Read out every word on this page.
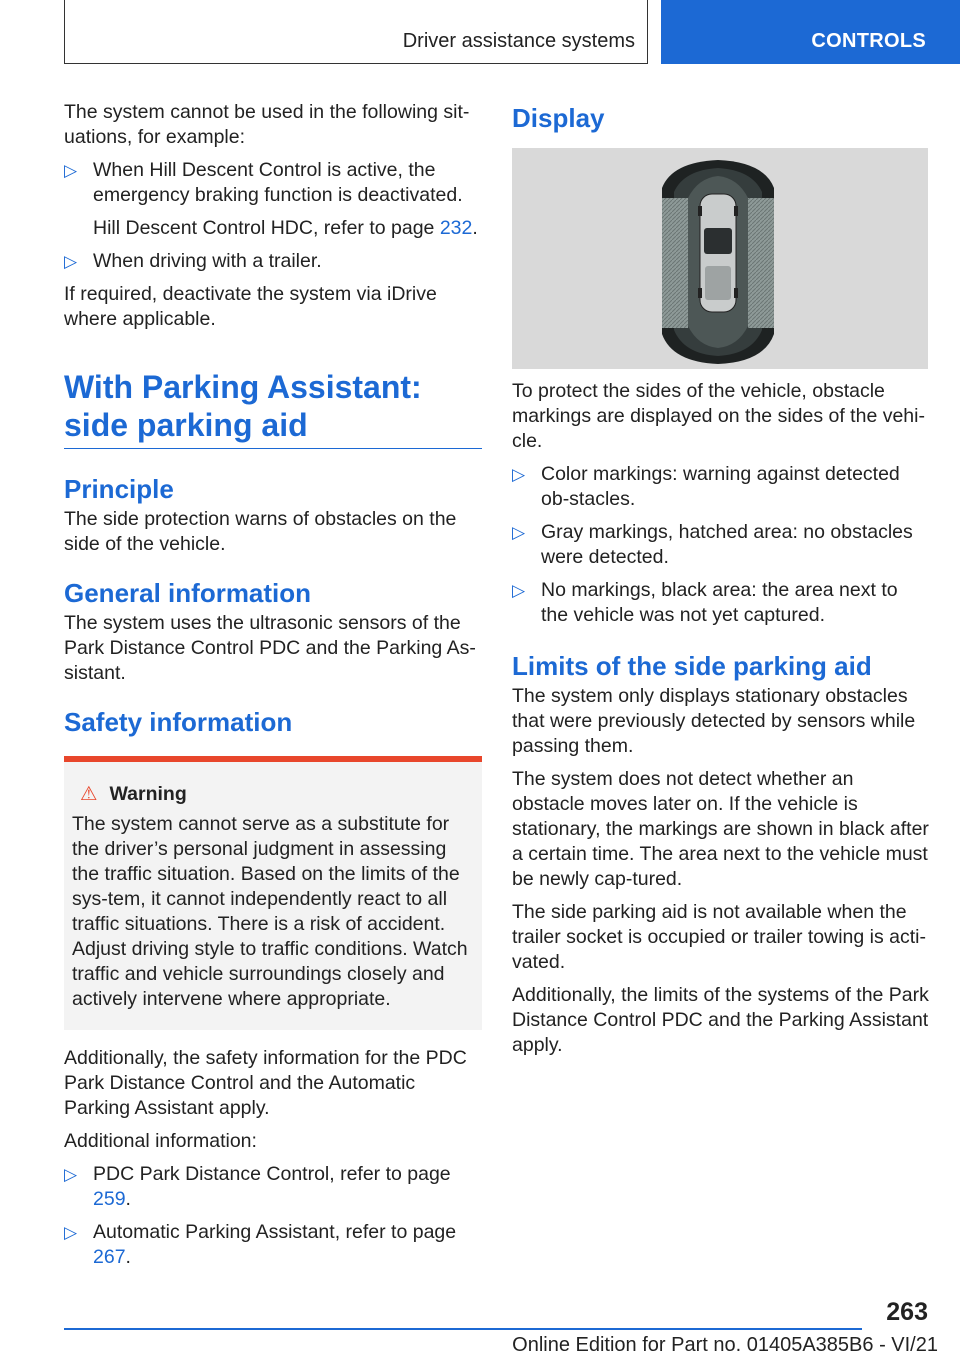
Driver assistance systems	CONTROLS

The system cannot be used in the following sit-uations, for example:

▷ When Hill Descent Control is active, the emergency braking function is deactivated.

Hill Descent Control HDC, refer to page 232.

▷ When driving with a trailer.

If required, deactivate the system via iDrive where applicable.

With Parking Assistant: side parking aid
Principle

The side protection warns of obstacles on the side of the vehicle.

General information

The system uses the ultrasonic sensors of the Park Distance Control PDC and the Parking As-sistant.

Safety information
⚠ Warning

The system cannot serve as a substitute for the driver’s personal judgment in assessing the traffic situation. Based on the limits of the sys-tem, it cannot independently react to all traffic situations. There is a risk of accident. Adjust driving style to traffic conditions. Watch traffic and vehicle surroundings closely and actively intervene where appropriate.

Additionally, the safety information for the PDC Park Distance Control and the Automatic Parking Assistant apply.

Additional information:

▷ PDC Park Distance Control, refer to page 259.
▷ Automatic Parking Assistant, refer to page 267.
Display

To protect the sides of the vehicle, obstacle markings are displayed on the sides of the vehi-cle.

▷ Color markings: warning against detected ob-stacles.
▷ Gray markings, hatched area: no obstacles were detected.
▷ No markings, black area: the area next to the vehicle was not yet captured.
Limits of the side parking aid

The system only displays stationary obstacles that were previously detected by sensors while passing them.

The system does not detect whether an obstacle moves later on. If the vehicle is stationary, the markings are shown in black after a certain time. The area next to the vehicle must be newly cap-tured.

The side parking aid is not available when the trailer socket is occupied or trailer towing is acti-vated.

Additionally, the limits of the systems of the Park Distance Control PDC and the Parking Assistant apply.

263
Online Edition for Part no. 01405A385B6 - VI/21
